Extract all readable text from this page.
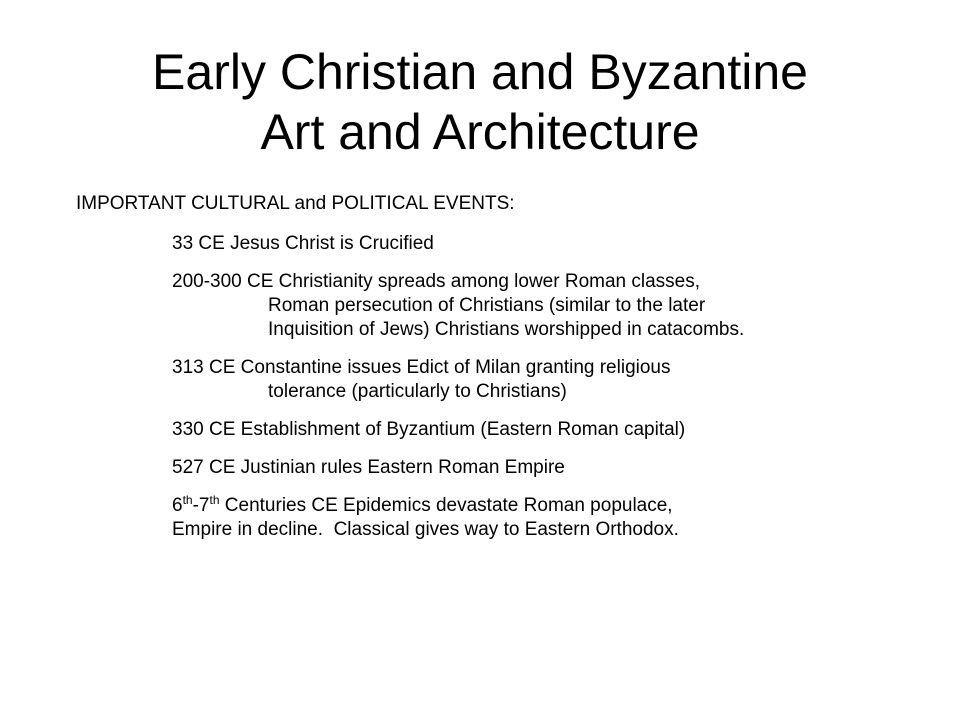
Early Christian and Byzantine
Art and Architecture
IMPORTANT CULTURAL and POLITICAL EVENTS:
33 CE Jesus Christ is Crucified
200-300 CE Christianity spreads among lower Roman classes,
Roman persecution of Christians (similar to the later
Inquisition of Jews) Christians worshipped in catacombs.
313 CE Constantine issues Edict of Milan granting religious
tolerance (particularly to Christians)
330 CE Establishment of Byzantium (Eastern Roman capital)
527 CE Justinian rules Eastern Roman Empire
6th-7th Centuries CE Epidemics devastate Roman populace,
Empire in decline.  Classical gives way to Eastern Orthodox.
